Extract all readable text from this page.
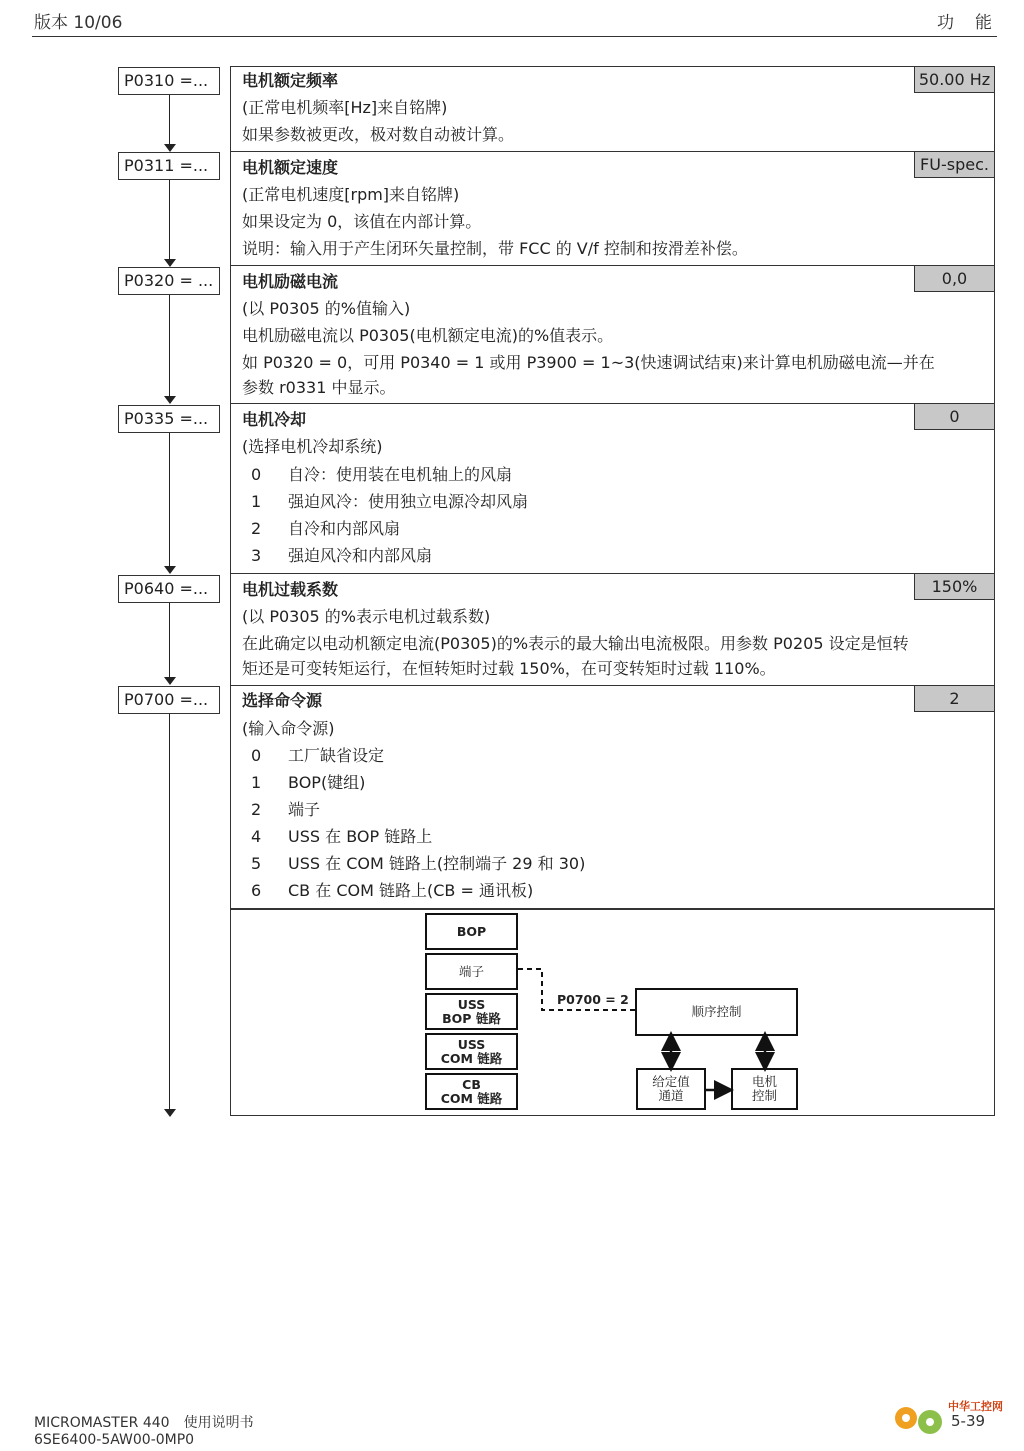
版本 10/06	功　能
P0310 =...
P0311 =...
P0320 = ...
P0335 =...
P0640 =...
P0700 =...
50.00 Hz
电机额定频率
(正常电机频率[Hz]来自铭牌)
如果参数被更改，极对数自动被计算。
FU-spec.
电机额定速度
(正常电机速度[rpm]来自铭牌)
如果设定为 0，该值在内部计算。
说明：输入用于产生闭环矢量控制，带 FCC 的 V/f 控制和按滑差补偿。
0,0
电机励磁电流
(以 P0305 的%值输入)
电机励磁电流以 P0305(电机额定电流)的%值表示。
如 P0320 = 0，可用 P0340 = 1 或用 P3900 = 1~3(快速调试结束)来计算电机励磁电流—并在
参数 r0331 中显示。
0
电机冷却
(选择电机冷却系统)
0 自冷：使用装在电机轴上的风扇
1 强迫风冷：使用独立电源冷却风扇
2 自冷和内部风扇
3 强迫风冷和内部风扇
150%
电机过载系数
(以 P0305 的%表示电机过载系数)
在此确定以电动机额定电流(P0305)的%表示的最大输出电流极限。用参数 P0205 设定是恒转
矩还是可变转矩运行，在恒转矩时过载 150%，在可变转矩时过载 110%。
2
选择命令源
(输入命令源)
0 工厂缺省设定
1 BOP(键组)
2 端子
4 USS 在 BOP 链路上
5 USS 在 COM 链路上(控制端子 29 和 30)
6 CB 在 COM 链路上(CB = 通讯板)
BOP
端子
USS
BOP 链路
USS
COM 链路
CB
COM 链路
P0700 = 2
顺序控制
给定值
通道
电机
控制
MICROMASTER 440　使用说明书
6SE6400-5AW00-0MP0
5-39
中华工控网
